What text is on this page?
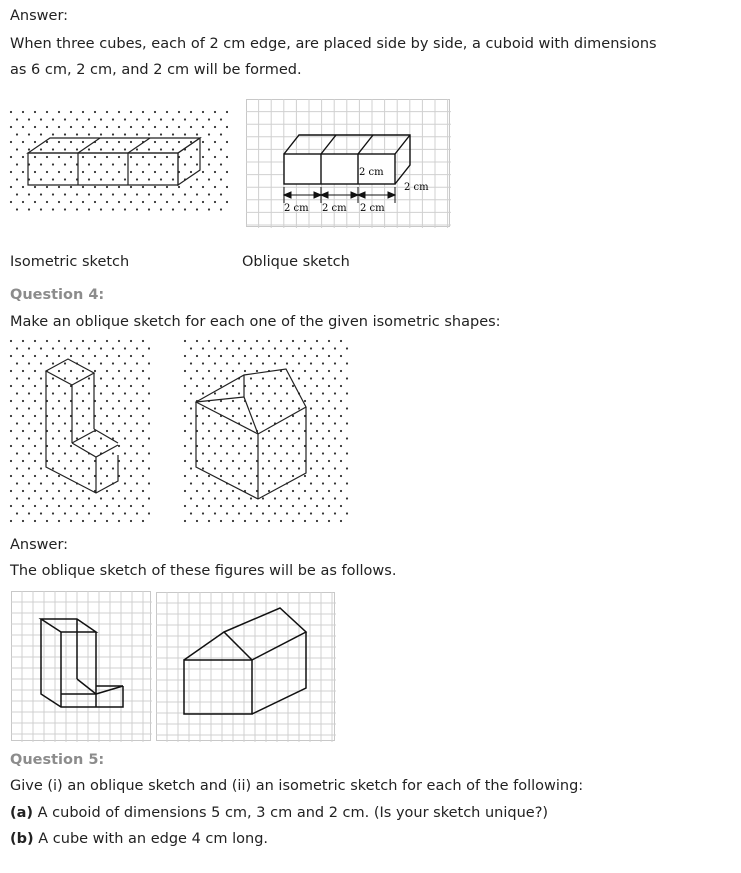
Answer:
When three cubes, each of 2 cm edge, are placed side by side, a cuboid with dimensions
as 6 cm, 2 cm, and 2 cm will be formed.
2 cm 2 cm 2 cm
2 cm
2 cm
Isometric sketch	Oblique sketch
Question 4:
Make an oblique sketch for each one of the given isometric shapes:
Answer:
The oblique sketch of these figures will be as follows.
Question 5:
Give (i) an oblique sketch and (ii) an isometric sketch for each of the following:
(a) A cuboid of dimensions 5 cm, 3 cm and 2 cm. (Is your sketch unique?)
(b) A cube with an edge 4 cm long.
